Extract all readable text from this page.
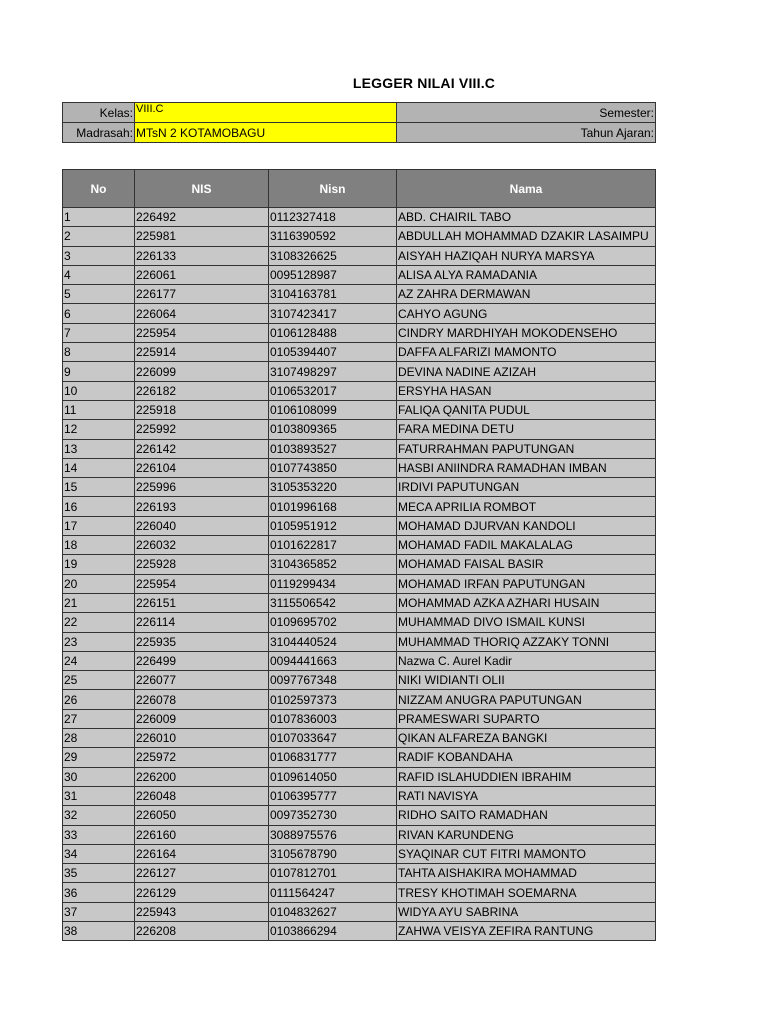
LEGGER NILAI VIII.C
Kelas:	VIII.C	Semester:
Madrasah:	MTsN 2 KOTAMOBAGU	Tahun Ajaran:
No	NIS	Nisn	Nama
1	226492	0112327418	ABD. CHAIRIL TABO
2	225981	3116390592	ABDULLAH MOHAMMAD DZAKIR LASAIMPU
3	226133	3108326625	AISYAH HAZIQAH NURYA MARSYA
4	226061	0095128987	ALISA ALYA RAMADANIA
5	226177	3104163781	AZ ZAHRA DERMAWAN
6	226064	3107423417	CAHYO AGUNG
7	225954	0106128488	CINDRY MARDHIYAH MOKODENSEHO
8	225914	0105394407	DAFFA ALFARIZI MAMONTO
9	226099	3107498297	DEVINA NADINE AZIZAH
10	226182	0106532017	ERSYHA HASAN
11	225918	0106108099	FALIQA QANITA PUDUL
12	225992	0103809365	FARA MEDINA DETU
13	226142	0103893527	FATURRAHMAN PAPUTUNGAN
14	226104	0107743850	HASBI ANIINDRA RAMADHAN IMBAN
15	225996	3105353220	IRDIVI PAPUTUNGAN
16	226193	0101996168	MECA APRILIA ROMBOT
17	226040	0105951912	MOHAMAD DJURVAN KANDOLI
18	226032	0101622817	MOHAMAD FADIL MAKALALAG
19	225928	3104365852	MOHAMAD FAISAL BASIR
20	225954	0119299434	MOHAMAD IRFAN PAPUTUNGAN
21	226151	3115506542	MOHAMMAD AZKA AZHARI HUSAIN
22	226114	0109695702	MUHAMMAD DIVO ISMAIL KUNSI
23	225935	3104440524	MUHAMMAD THORIQ AZZAKY TONNI
24	226499	0094441663	Nazwa C. Aurel Kadir
25	226077	0097767348	NIKI WIDIANTI OLII
26	226078	0102597373	NIZZAM ANUGRA PAPUTUNGAN
27	226009	0107836003	PRAMESWARI SUPARTO
28	226010	0107033647	QIKAN ALFAREZA BANGKI
29	225972	0106831777	RADIF KOBANDAHA
30	226200	0109614050	RAFID ISLAHUDDIEN IBRAHIM
31	226048	0106395777	RATI NAVISYA
32	226050	0097352730	RIDHO SAITO RAMADHAN
33	226160	3088975576	RIVAN KARUNDENG
34	226164	3105678790	SYAQINAR CUT FITRI MAMONTO
35	226127	0107812701	TAHTA AISHAKIRA MOHAMMAD
36	226129	0111564247	TRESY KHOTIMAH SOEMARNA
37	225943	0104832627	WIDYA AYU SABRINA
38	226208	0103866294	ZAHWA VEISYA ZEFIRA RANTUNG
